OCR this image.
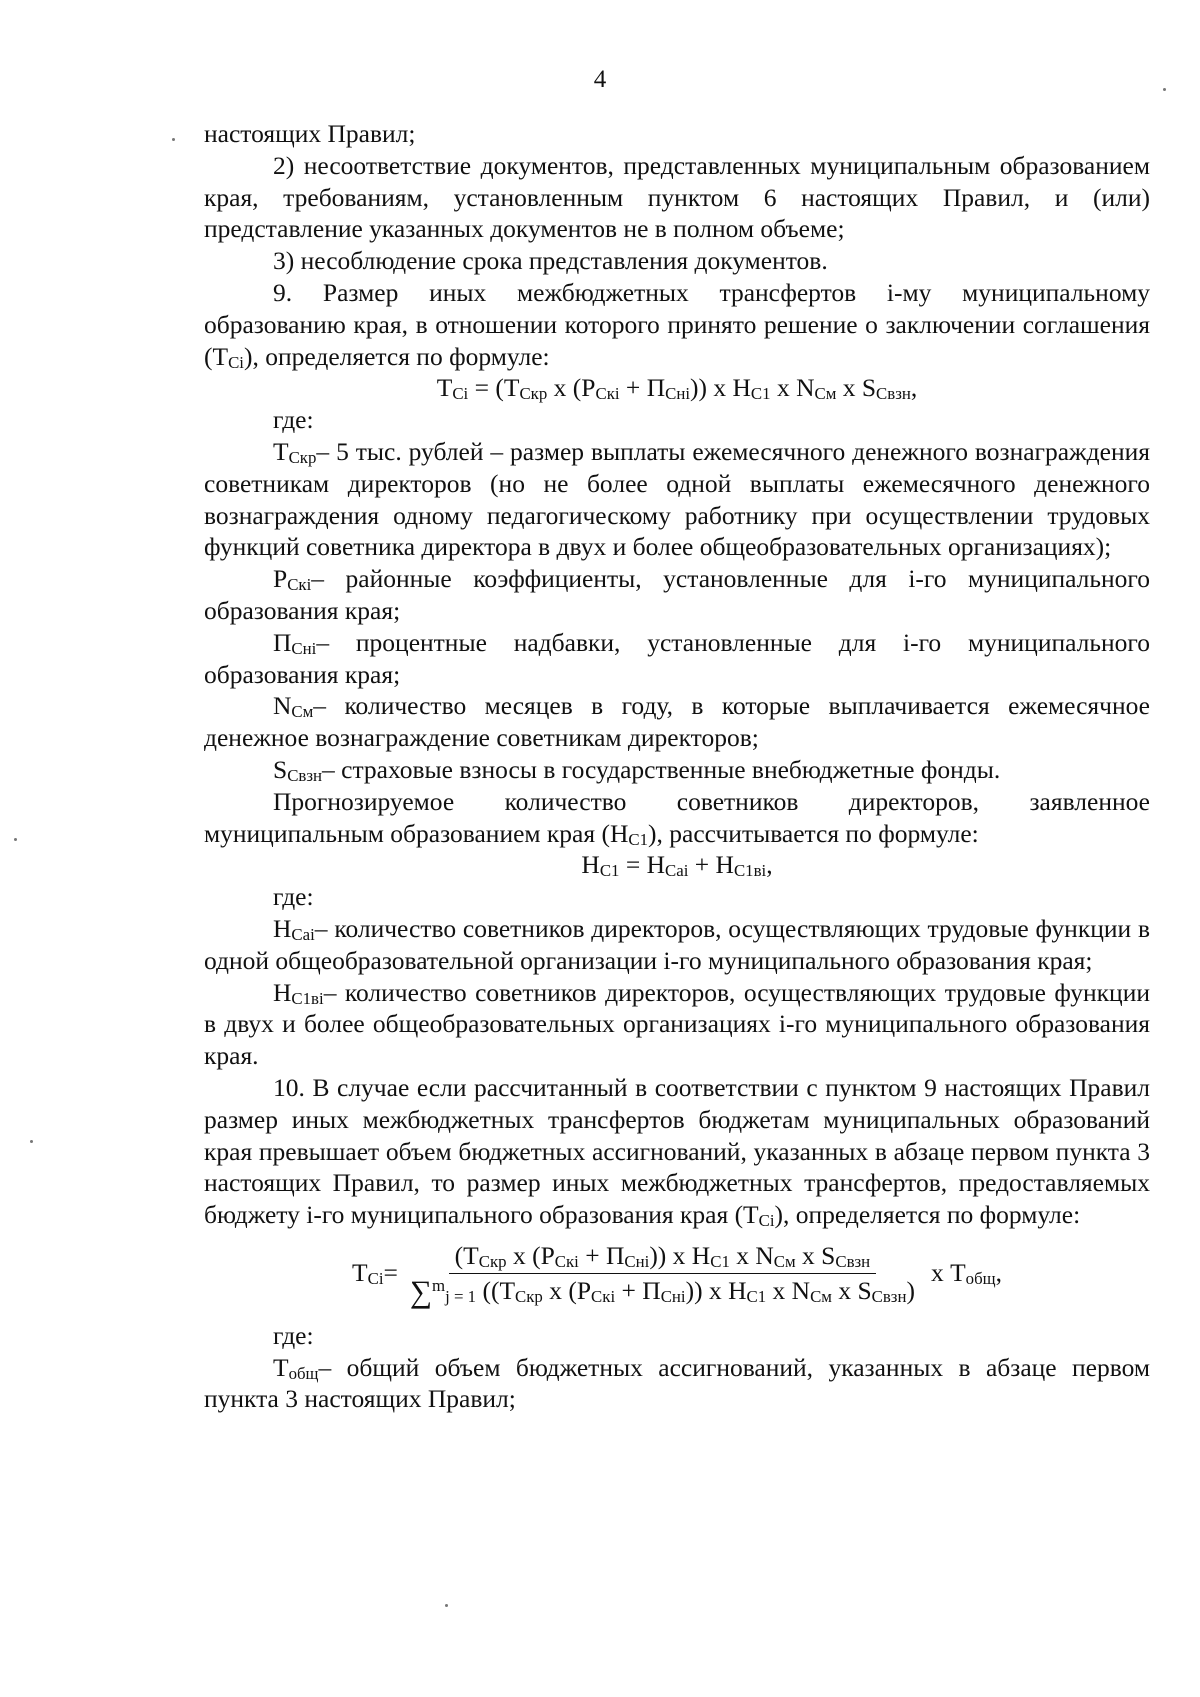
4

настоящих Правил;

2) несоответствие документов, представленных муниципальным образованием края, требованиям, установленным пунктом 6 настоящих Правил, и (или) представление указанных документов не в полном объеме;

3) несоблюдение срока представления документов.

9. Размер иных межбюджетных трансфертов i-му муниципальному образованию края, в отношении которого принято решение о заключении соглашения $(Т_{Ci})$, определяется по формуле:

$Т_{Ci} = (Т_{Скр}$ x $(Р_{Скі} + П_{Сні})$) x $Н_{С1}$ x $N_{См}$ x $S_{Свзн}$,

где:

$Т_{Скр}-$ 5 тыс. рублей – размер выплаты ежемесячного денежного вознаграждения советникам директоров (но не более одной выплаты ежемесячного денежного вознаграждения одному педагогическому работнику при осуществлении трудовых функций советника директора в двух и более общеобразовательных организациях);

$Р_{Скі}-$ районные коэффициенты, установленные для i-го муниципального образования края;

$П_{Сні}-$ процентные надбавки, установленные для i-го муниципального образования края;

$N_{См}-$ количество месяцев в году, в которые выплачивается ежемесячное денежное вознаграждение советникам директоров;

$S_{Свзн}-$ страховые взносы в государственные внебюджетные фонды.

Прогнозируемое количество советников директоров, заявленное муниципальным образованием края $(Н_{С1})$, рассчитывается по формуле:

$Н_{С1} = Н_{Саі} + Н_{С1ві}$,

где:

$Н_{Саі}-$ количество советников директоров, осуществляющих трудовые функции в одной общеобразовательной организации i-го муниципального образования края;

$Н_{С1ві}-$ количество советников директоров, осуществляющих трудовые функции в двух и более общеобразовательных организациях i-го муниципального образования края.

10. В случае если рассчитанный в соответствии с пунктом 9 настоящих Правил размер иных межбюджетных трансфертов бюджетам муниципальных образований края превышает объем бюджетных ассигнований, указанных в абзаце первом пункта 3 настоящих Правил, то размер иных межбюджетных трансфертов, предоставляемых бюджету i-го муниципального образования края $(Т_{Ci})$, определяется по формуле:

$Т_{Ci} = \frac{(Т_{Скр} x (Р_{Скі} + П_{Сні})) x Н_{С1} x N_{См} x S_{Свзн}}{\sum^m_{j = 1} ((Т_{Скр} x (Р_{Скі} + П_{Сні})) x Н_{С1} x N_{См} x S_{Свзн})}$ x $Т_{общ}$,

где:

$Т_{общ}-$ общий объем бюджетных ассигнований, указанных в абзаце первом пункта 3 настоящих Правил;
